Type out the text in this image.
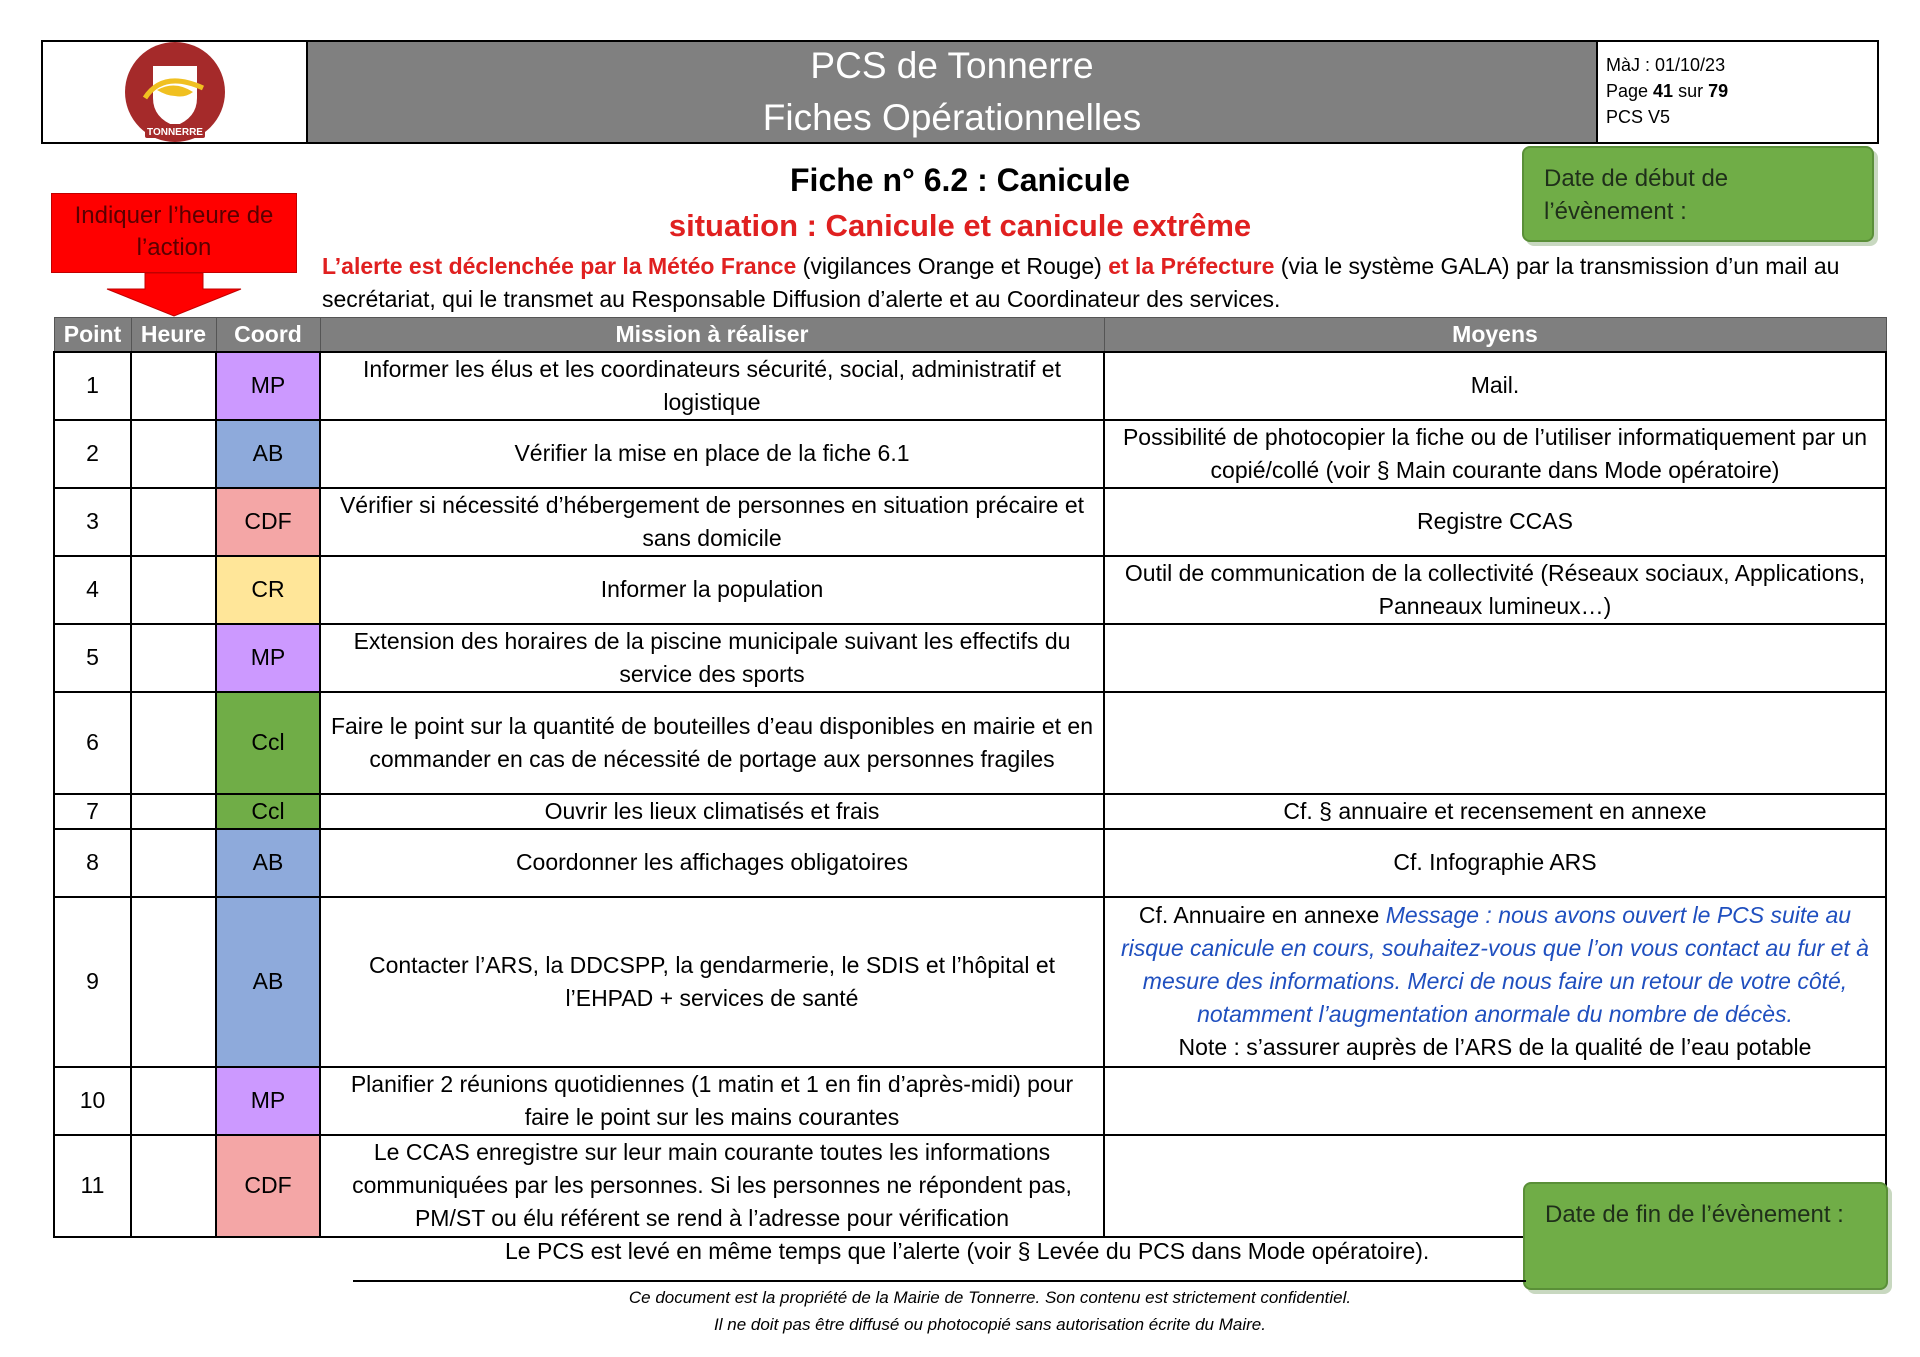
TONNERRE
PCS de Tonnerre
Fiches Opérationnelles
MàJ : 01/10/23
Page 41 sur 79
PCS V5
Fiche n° 6.2 : Canicule
situation : Canicule et canicule extrême
Date de début de l’évènement :
Indiquer l’heure de l’action
L’alerte est déclenchée par la Météo France (vigilances Orange et Rouge) et la Préfecture (via le système GALA) par la transmission d’un mail au secrétariat, qui le transmet au Responsable Diffusion d’alerte et au Coordinateur des services.
Point	Heure	Coord	Mission à réaliser	Moyens
1		MP	Informer les élus et les coordinateurs sécurité, social, administratif et logistique	Mail.
2		AB	Vérifier la mise en place de la fiche 6.1	Possibilité de photocopier la fiche ou de l’utiliser informatiquement par un copié/collé (voir § Main courante dans Mode opératoire)
3		CDF	Vérifier si nécessité d’hébergement de personnes en situation précaire et sans domicile	Registre CCAS
4		CR	Informer la population	Outil de communication de la collectivité (Réseaux sociaux, Applications, Panneaux lumineux…)
5		MP	Extension des horaires de la piscine municipale suivant les effectifs du service des sports	
6		Ccl	Faire le point sur la quantité de bouteilles d’eau disponibles en mairie et en commander en cas de nécessité de portage aux personnes fragiles	
7		Ccl	Ouvrir les lieux climatisés et frais	Cf. § annuaire et recensement en annexe
8		AB	Coordonner les affichages obligatoires	Cf. Infographie ARS
9		AB	Contacter l’ARS, la DDCSPP, la gendarmerie, le SDIS et l’hôpital et l’EHPAD + services de santé	Cf. Annuaire en annexe Message : nous avons ouvert le PCS suite au risque canicule en cours, souhaitez-vous que l’on vous contact au fur et à mesure des informations. Merci de nous faire un retour de votre côté, notamment l’augmentation anormale du nombre de décès.
Note : s’assurer auprès de l’ARS de la qualité de l’eau potable
10		MP	Planifier 2 réunions quotidiennes (1 matin et 1 en fin d’après-midi) pour faire le point sur les mains courantes	
11		CDF	Le CCAS enregistre sur leur main courante toutes les informations communiquées par les personnes. Si les personnes ne répondent pas, PM/ST ou élu référent se rend à l’adresse pour vérification		Date de fin de l’évènement :
Le PCS est levé en même temps que l’alerte (voir § Levée du PCS dans Mode opératoire).
Ce document est la propriété de la Mairie de Tonnerre. Son contenu est strictement confidentiel.
Il ne doit pas être diffusé ou photocopié sans autorisation écrite du Maire.
